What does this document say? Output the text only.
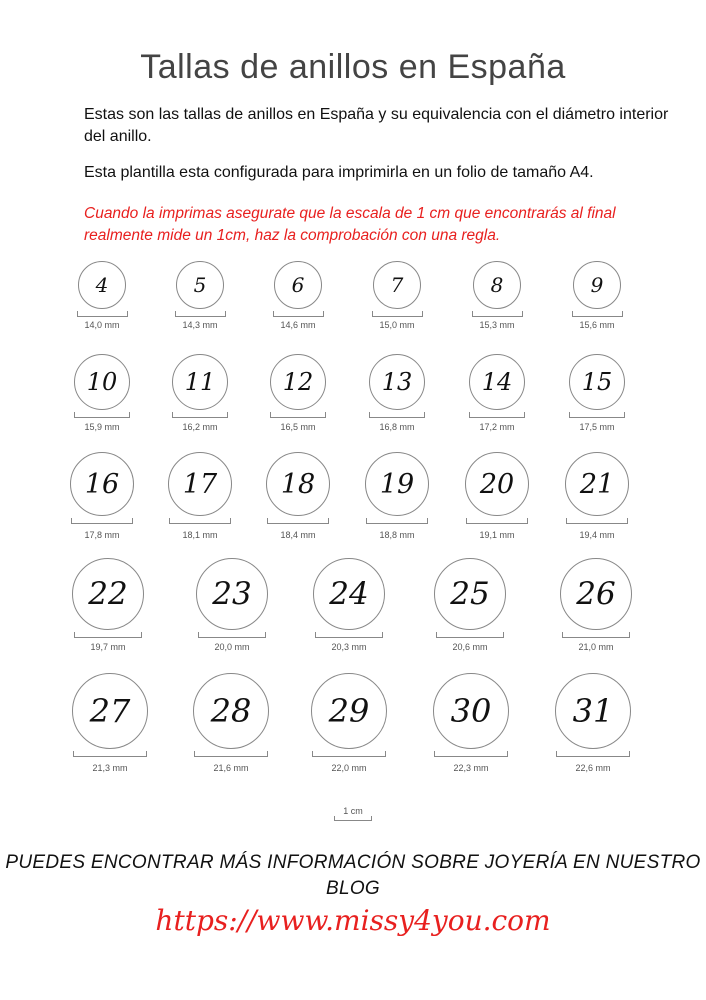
Tallas de anillos en España
Estas son las tallas de anillos en España y su equivalencia con el diámetro interior del anillo.
Esta plantilla esta configurada para imprimirla en un folio de tamaño A4.
Cuando la imprimas asegurate que la escala de 1 cm que encontrarás al final realmente mide un 1cm, haz la comprobación con una regla.
4
14,0 mm
5
14,3 mm
6
14,6 mm
7
15,0 mm
8
15,3 mm
9
15,6 mm
10
15,9 mm
11
16,2 mm
12
16,5 mm
13
16,8 mm
14
17,2 mm
15
17,5 mm
16
17,8 mm
17
18,1 mm
18
18,4 mm
19
18,8 mm
20
19,1 mm
21
19,4 mm
22
19,7 mm
23
20,0 mm
24
20,3 mm
25
20,6 mm
26
21,0 mm
27
21,3 mm
28
21,6 mm
29
22,0 mm
30
22,3 mm
31
22,6 mm
1 cm
PUEDES ENCONTRAR MÁS INFORMACIÓN SOBRE JOYERÍA EN NUESTRO BLOG
https://www.missy4you.com
